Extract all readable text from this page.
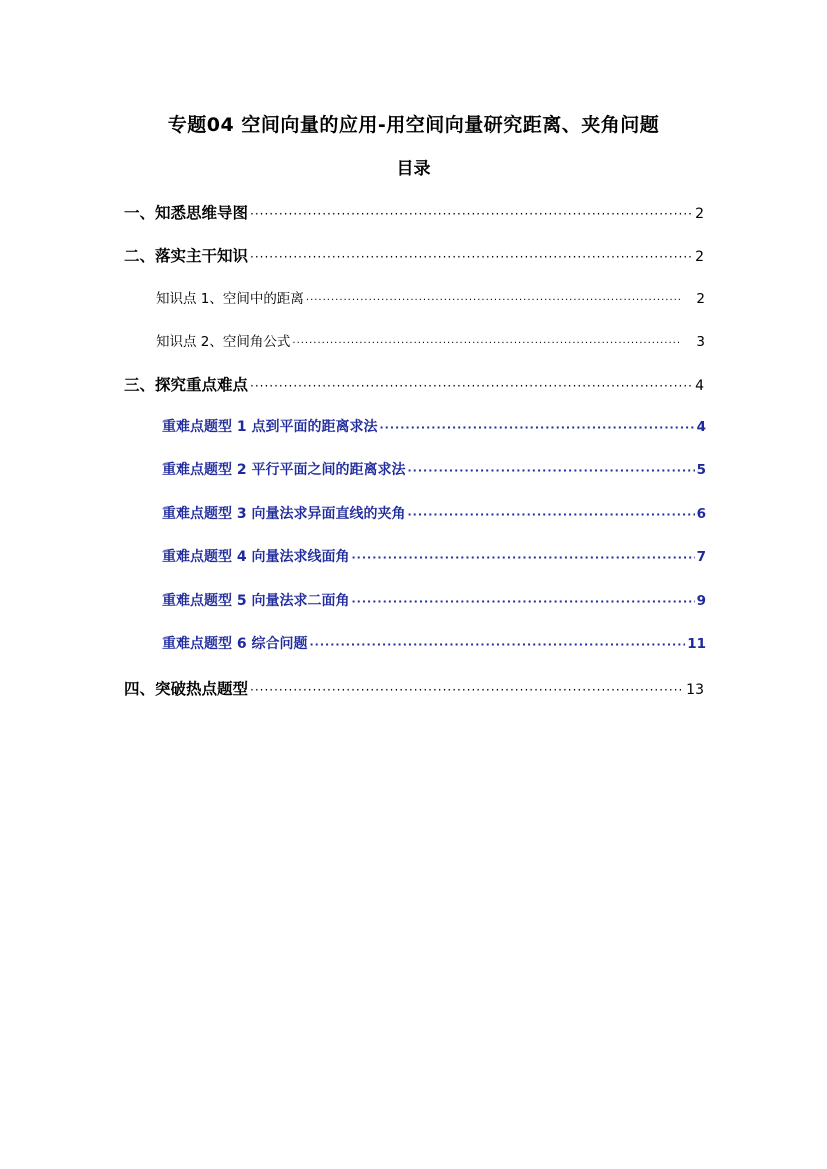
专题04 空间向量的应用-用空间向量研究距离、夹角问题
目录
一、知悉思维导图 ·····	2
二、落实主干知识 ·····	2
知识点 1、空间中的距离 ·····	2
知识点 2、空间角公式 ·····	3
三、探究重点难点 ·····	4
重难点题型 1 点到平面的距离求法 ·····	4
重难点题型 2 平行平面之间的距离求法 ·····	5
重难点题型 3 向量法求异面直线的夹角 ·····	6
重难点题型 4 向量法求线面角 ·····	7
重难点题型 5 向量法求二面角 ·····	9
重难点题型 6 综合问题 ·····	11
四、突破热点题型 ·····	13
